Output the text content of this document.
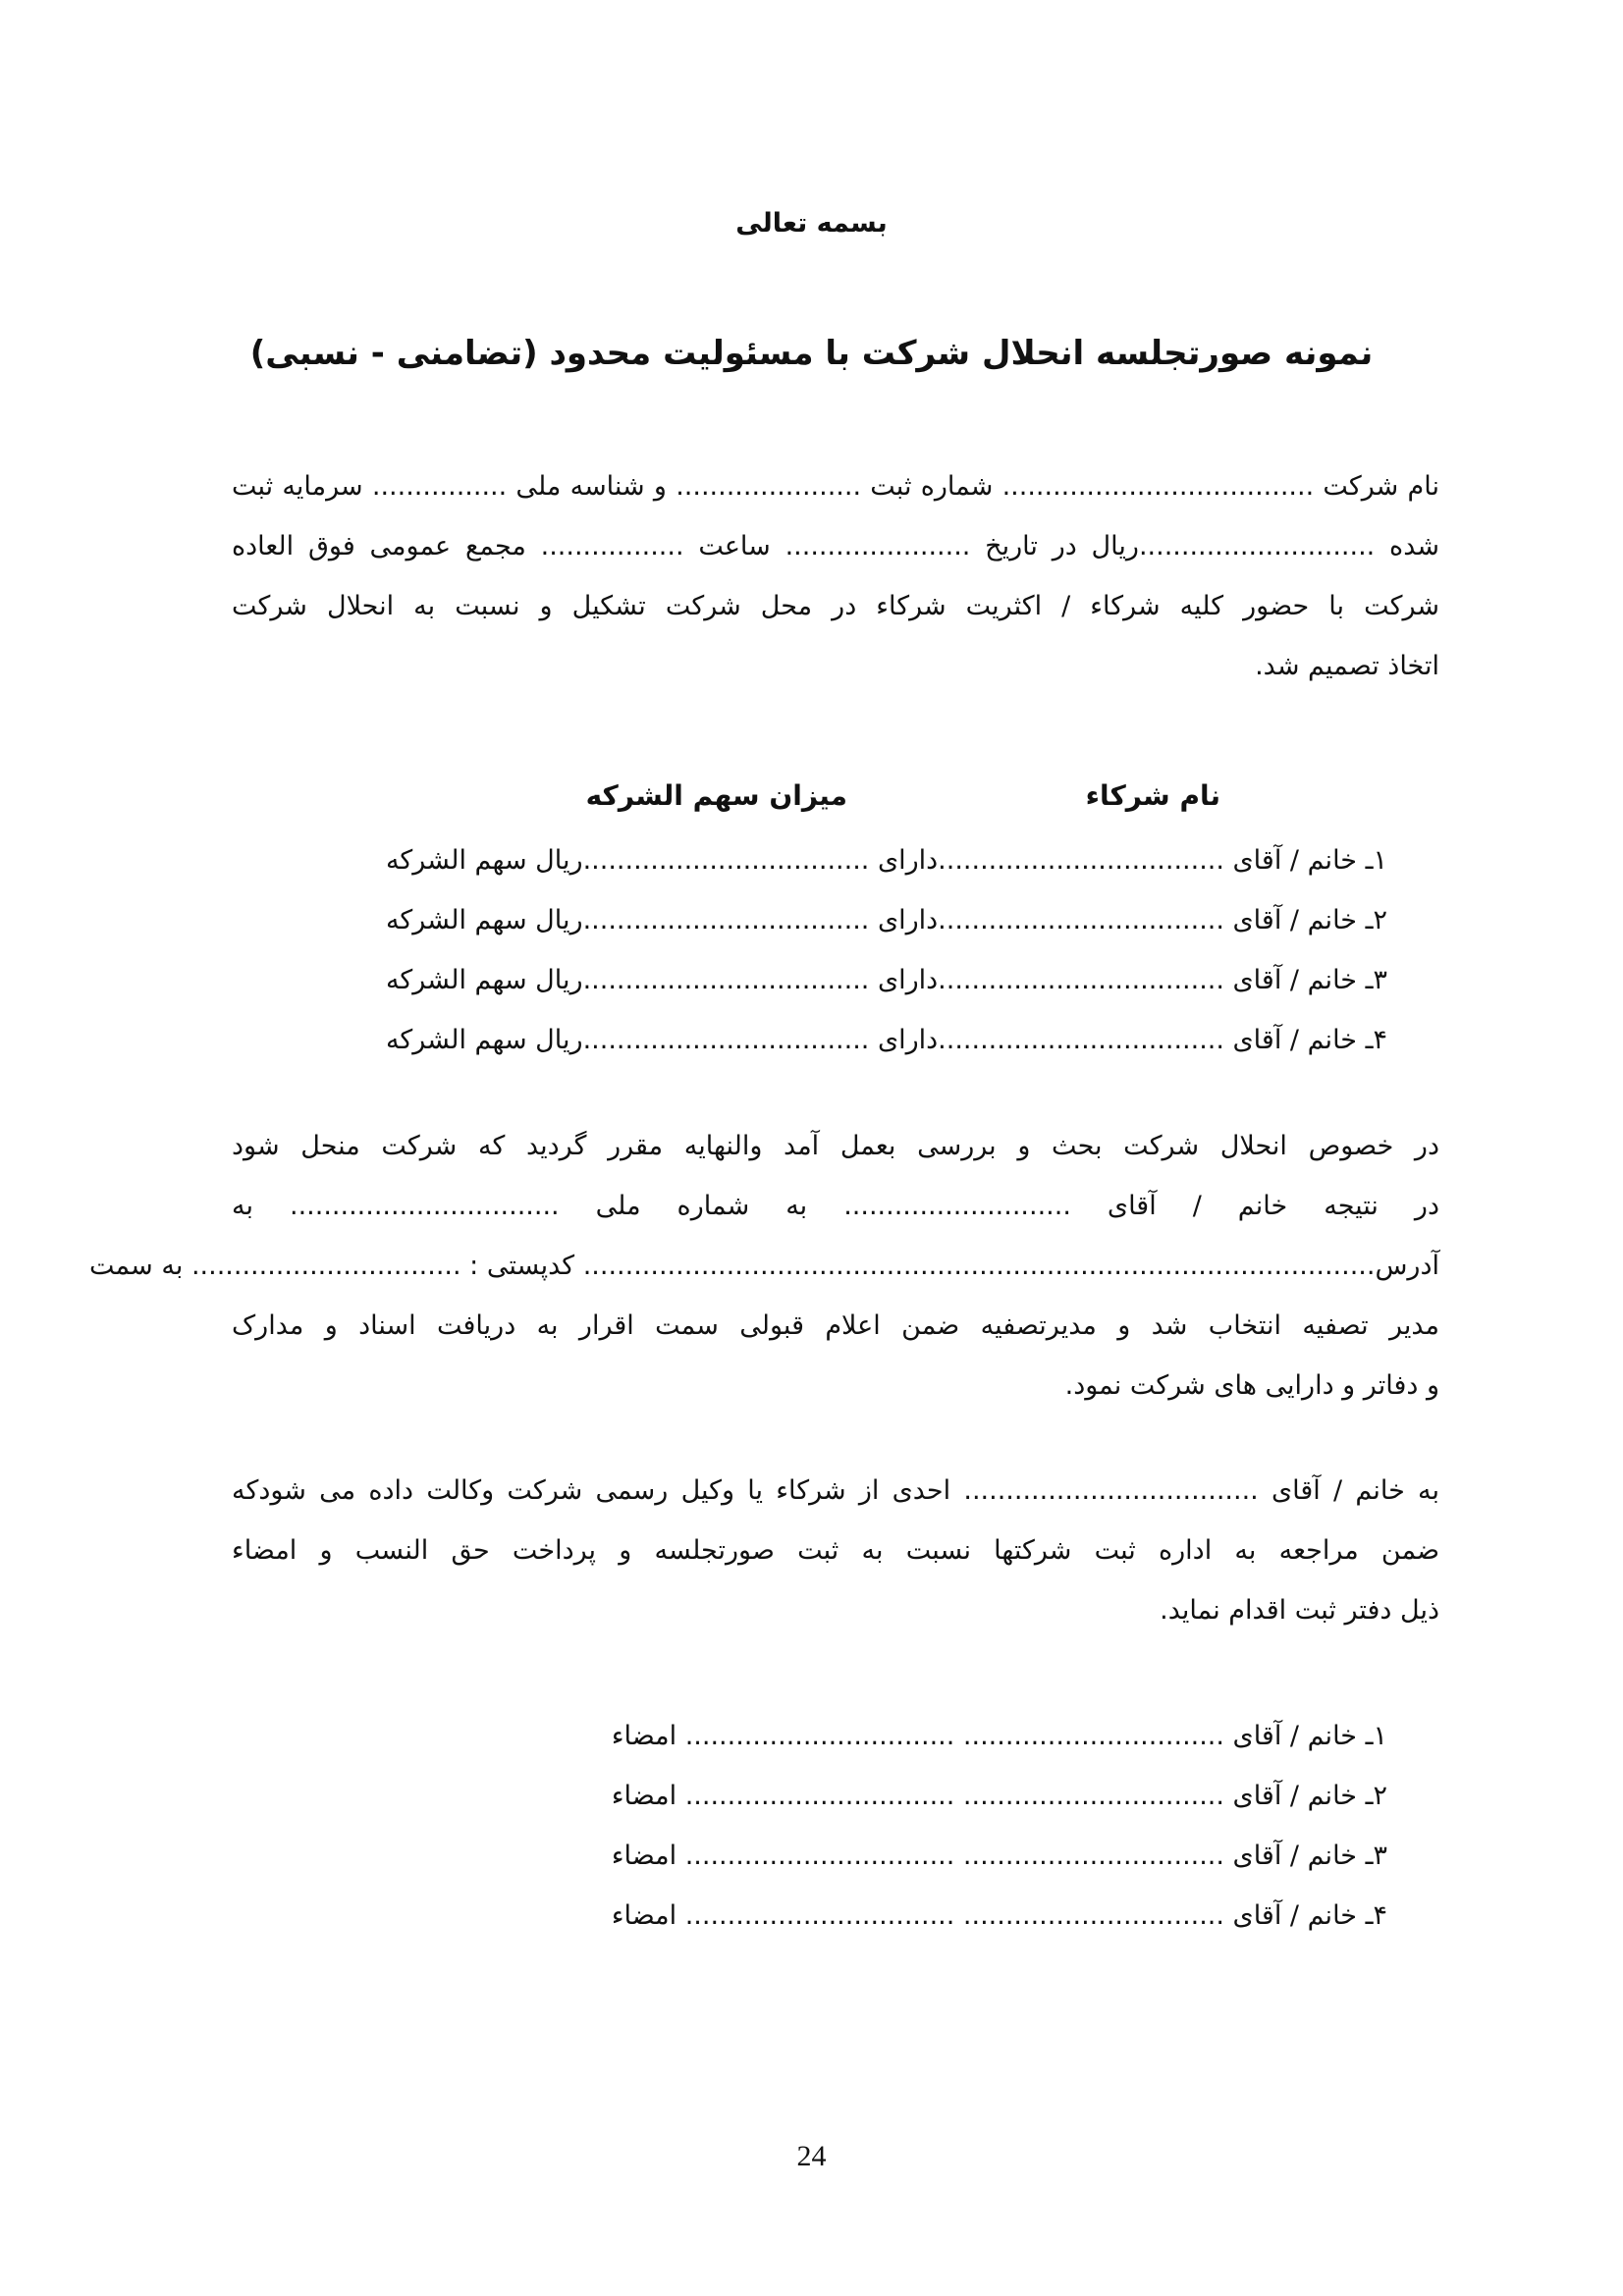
بسمه تعالی
نمونه صورتجلسه انحلال شرکت با مسئولیت محدود (تضامنی - نسبی)
نام شرکت ..................................... شماره ثبت ...................... و شناسه ملی ................ سرمایه ثبت
شده ............................ریال در تاریخ ...................... ساعت ................. مجمع عمومی فوق العاده
شرکت با حضور کلیه شرکاء / اکثریت شرکاء در محل شرکت تشکیل و نسبت به انحلال شرکت
اتخاذ تصمیم شد.
نام شرکاء
میزان سهم الشرکه
۱ـ خانم / آقای ..................................دارای ..................................ریال سهم الشرکه
۲ـ خانم / آقای ..................................دارای ..................................ریال سهم الشرکه
۳ـ خانم / آقای ..................................دارای ..................................ریال سهم الشرکه
۴ـ خانم / آقای ..................................دارای ..................................ریال سهم الشرکه
در خصوص انحلال شرکت بحث و بررسی بعمل آمد والنهایه مقرر گردید که شرکت منحل شود
در نتیجه خانم / آقای ........................... به شماره ملی ................................ به
آدرس.............................................................................................. کدپستی : ................................ به سمت
مدیر تصفیه انتخاب شد و مدیرتصفیه ضمن اعلام قبولی سمت اقرار به دریافت اسناد و مدارک
و دفاتر و دارایی های شرکت نمود.
به خانم / آقای ................................... احدی از شرکاء یا وکیل رسمی شرکت وکالت داده می شودکه
ضمن مراجعه به اداره ثبت شرکتها نسبت به ثبت صورتجلسه و پرداخت حق النسب و امضاء
ذیل دفتر ثبت اقدام نماید.
۱ـ خانم / آقای ............................... ................................ امضاء
۲ـ خانم / آقای ............................... ................................ امضاء
۳ـ خانم / آقای ............................... ................................ امضاء
۴ـ خانم / آقای ............................... ................................ امضاء
24
